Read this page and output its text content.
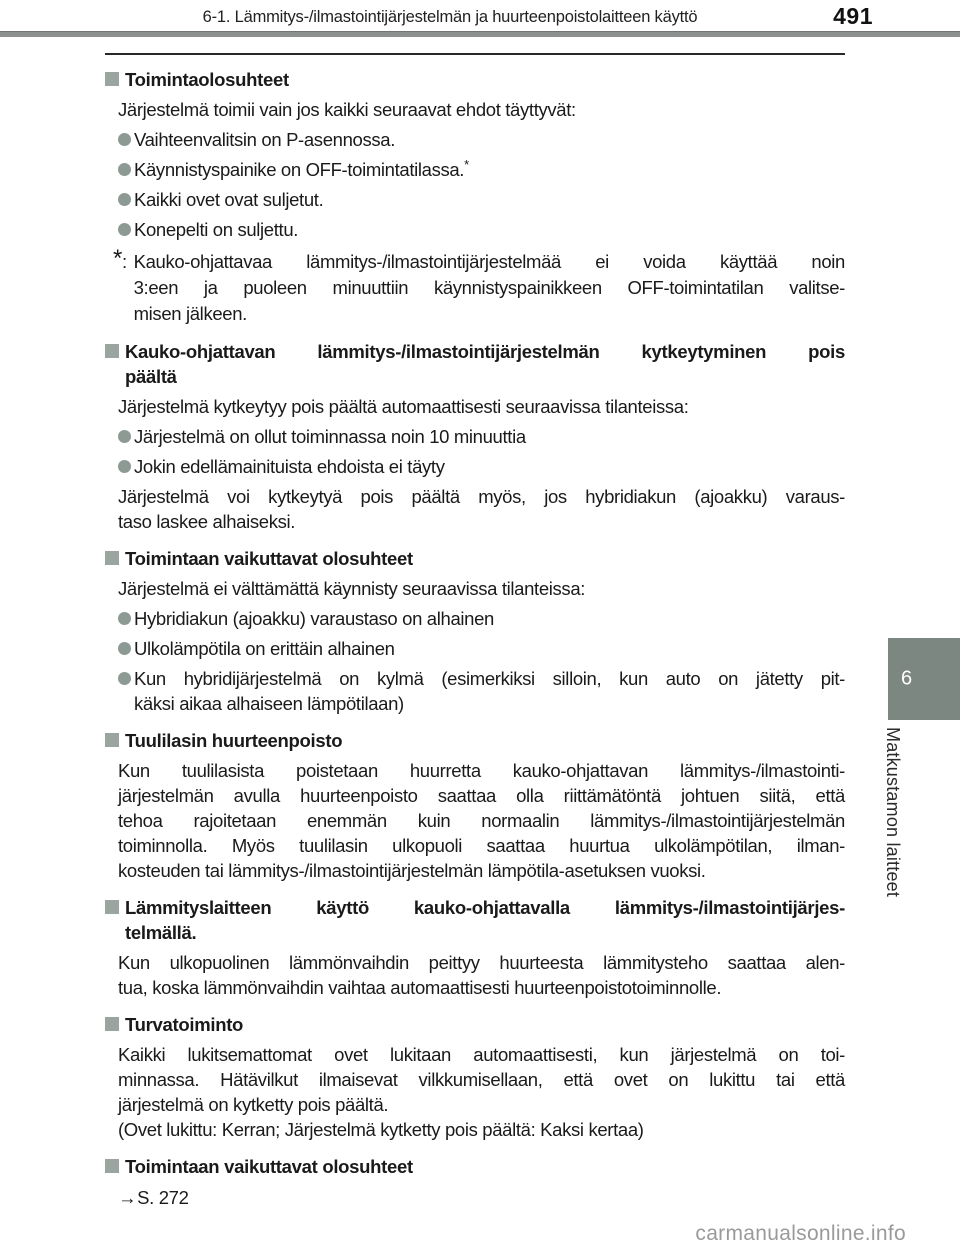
6-1. Lämmitys-/ilmastointijärjestelmän ja huurteenpoistolaitteen käyttö	491
Toimintaolosuhteet
Järjestelmä toimii vain jos kaikki seuraavat ehdot täyttyvät:
Vaihteenvalitsin on P-asennossa.
Käynnistyspainike on OFF-toimintatilassa.*
Kaikki ovet ovat suljetut.
Konepelti on suljettu.
*: Kauko-ohjattavaa lämmitys-/ilmastointijärjestelmää ei voida käyttää noin
3:een ja puoleen minuuttiin käynnistyspainikkeen OFF-toimintatilan valitse-
misen jälkeen.
Kauko-ohjattavan lämmitys-/ilmastointijärjestelmän kytkeytyminen pois
päältä
Järjestelmä kytkeytyy pois päältä automaattisesti seuraavissa tilanteissa:
Järjestelmä on ollut toiminnassa noin 10 minuuttia
Jokin edellämainituista ehdoista ei täyty
Järjestelmä voi kytkeytyä pois päältä myös, jos hybridiakun (ajoakku) varaus-
taso laskee alhaiseksi.
Toimintaan vaikuttavat olosuhteet
Järjestelmä ei välttämättä käynnisty seuraavissa tilanteissa:
Hybridiakun (ajoakku) varaustaso on alhainen
Ulkolämpötila on erittäin alhainen
Kun hybridijärjestelmä on kylmä (esimerkiksi silloin, kun auto on jätetty pit-
käksi aikaa alhaiseen lämpötilaan)
Tuulilasin huurteenpoisto
Kun tuulilasista poistetaan huurretta kauko-ohjattavan lämmitys-/ilmastointi-
järjestelmän avulla huurteenpoisto saattaa olla riittämätöntä johtuen siitä, että
tehoa rajoitetaan enemmän kuin normaalin lämmitys-/ilmastointijärjestelmän
toiminnolla. Myös tuulilasin ulkopuoli saattaa huurtua ulkolämpötilan, ilman-
kosteuden tai lämmitys-/ilmastointijärjestelmän lämpötila-asetuksen vuoksi.
Lämmityslaitteen käyttö kauko-ohjattavalla lämmitys-/ilmastointijärjes-
telmällä.
Kun ulkopuolinen lämmönvaihdin peittyy huurteesta lämmitysteho saattaa alen-
tua, koska lämmönvaihdin vaihtaa automaattisesti huurteenpoistotoiminnolle.
Turvatoiminto
Kaikki lukitsemattomat ovet lukitaan automaattisesti, kun järjestelmä on toi-
minnassa. Hätävilkut ilmaisevat vilkkumisellaan, että ovet on lukittu tai että
järjestelmä on kytketty pois päältä.
(Ovet lukittu: Kerran; Järjestelmä kytketty pois päältä: Kaksi kertaa)
Toimintaan vaikuttavat olosuhteet
→ S. 272
6
Matkustamon laitteet
carmanualsonline.info
